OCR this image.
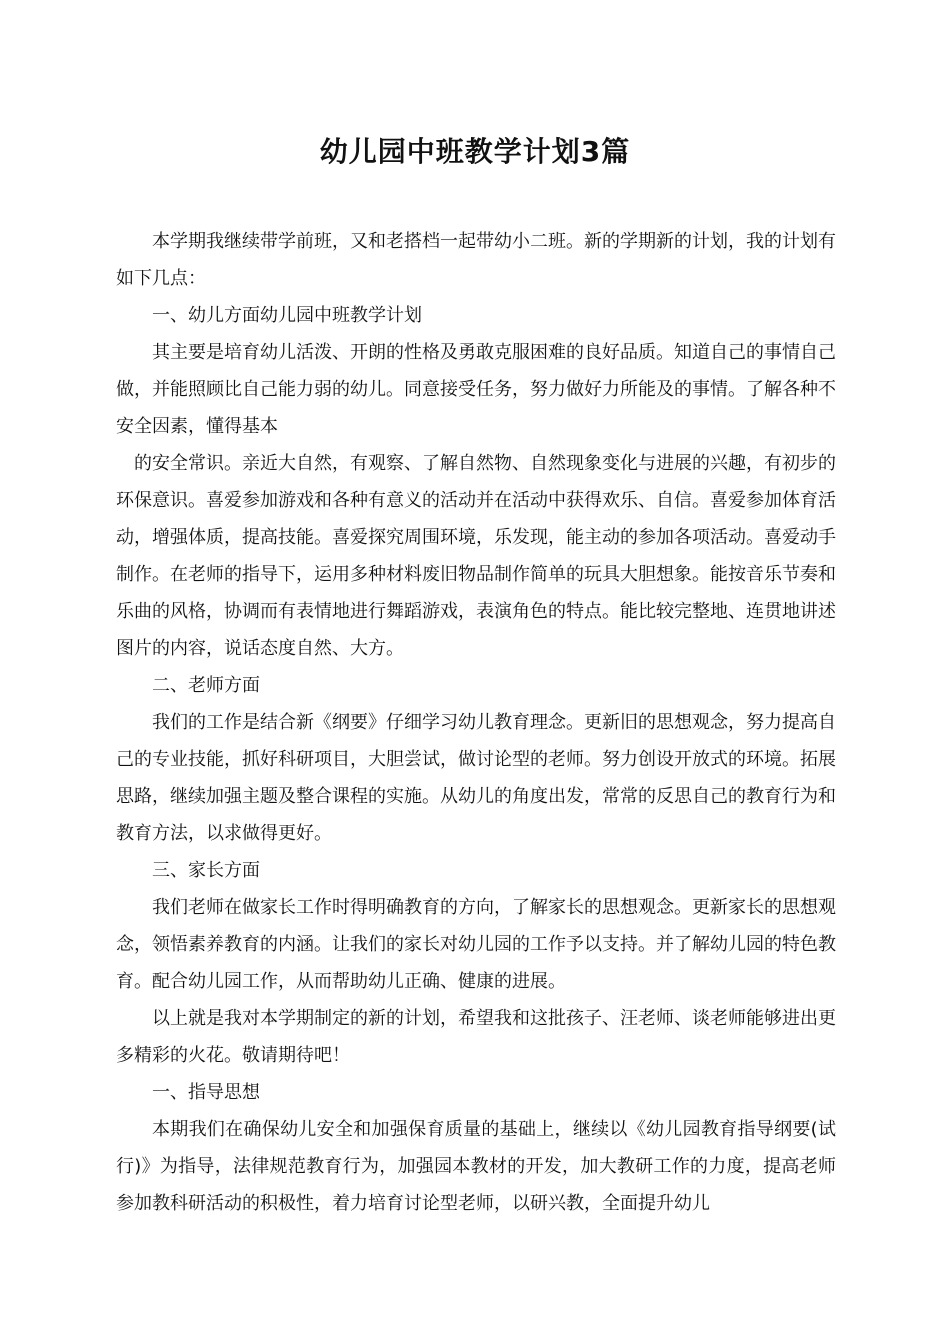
幼儿园中班教学计划3篇

本学期我继续带学前班，又和老搭档一起带幼小二班。新的学期新的计划，我的计划有如下几点：

一、幼儿方面幼儿园中班教学计划

其主要是培育幼儿活泼、开朗的性格及勇敢克服困难的良好品质。知道自己的事情自己做，并能照顾比自己能力弱的幼儿。同意接受任务，努力做好力所能及的事情。了解各种不安全因素，懂得基本

的安全常识。亲近大自然，有观察、了解自然物、自然现象变化与进展的兴趣，有初步的环保意识。喜爱参加游戏和各种有意义的活动并在活动中获得欢乐、自信。喜爱参加体育活动，增强体质，提高技能。喜爱探究周围环境，乐发现，能主动的参加各项活动。喜爱动手制作。在老师的指导下，运用多种材料废旧物品制作简单的玩具大胆想象。能按音乐节奏和乐曲的风格，协调而有表情地进行舞蹈游戏，表演角色的特点。能比较完整地、连贯地讲述图片的内容，说话态度自然、大方。

二、老师方面

我们的工作是结合新《纲要》仔细学习幼儿教育理念。更新旧的思想观念，努力提高自己的专业技能，抓好科研项目，大胆尝试，做讨论型的老师。努力创设开放式的环境。拓展思路，继续加强主题及整合课程的实施。从幼儿的角度出发，常常的反思自己的教育行为和教育方法，以求做得更好。

三、家长方面

我们老师在做家长工作时得明确教育的方向，了解家长的思想观念。更新家长的思想观念，领悟素养教育的内涵。让我们的家长对幼儿园的工作予以支持。并了解幼儿园的特色教育。配合幼儿园工作，从而帮助幼儿正确、健康的进展。

以上就是我对本学期制定的新的计划，希望我和这批孩子、汪老师、谈老师能够进出更多精彩的火花。敬请期待吧！

一、指导思想

本期我们在确保幼儿安全和加强保育质量的基础上，继续以《幼儿园教育指导纲要(试行)》为指导，法律规范教育行为，加强园本教材的开发，加大教研工作的力度，提高老师参加教科研活动的积极性，着力培育讨论型老师，以研兴教，全面提升幼儿
